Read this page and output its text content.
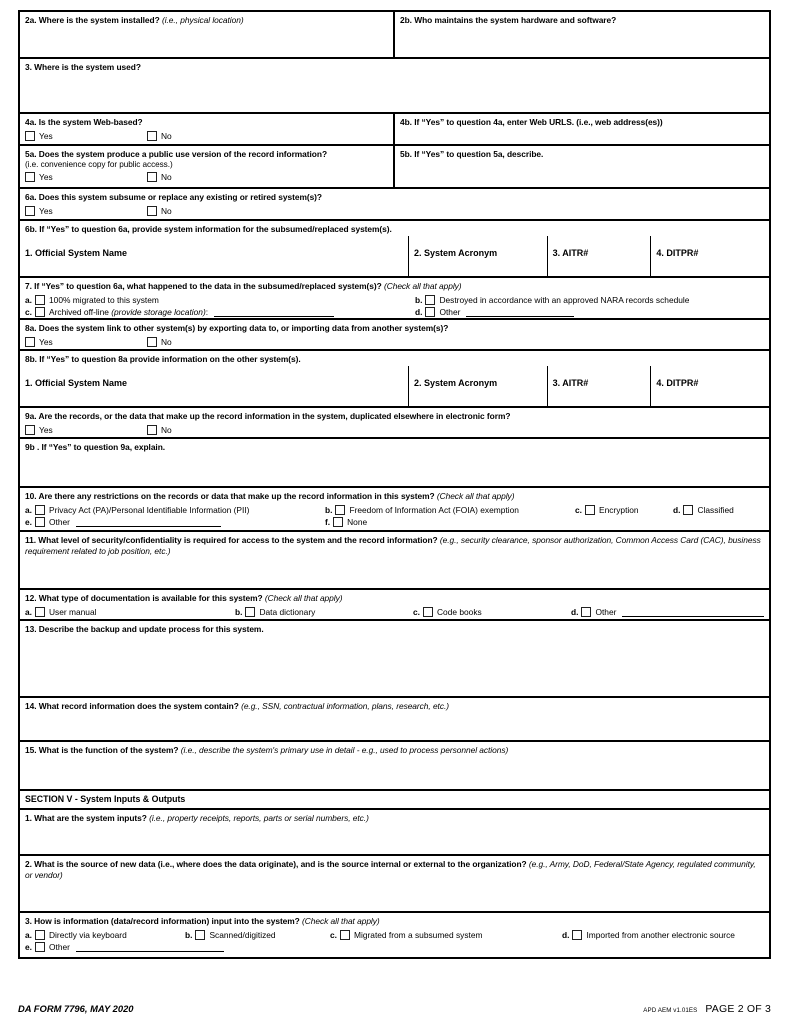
2a. Where is the system installed? (i.e., physical location)	2b. Who maintains the system hardware and software?
3. Where is the system used?
4a. Is the system Web-based?
Yes	No
4b. If “Yes” to question 4a, enter Web URLS. (i.e., web address(es))
5a. Does the system produce a public use version of the record information?
(i.e. convenience copy for public access.)
Yes	No
5b. If “Yes” to question 5a, describe.
6a. Does this system subsume or replace any existing or retired system(s)?
Yes	No
6b. If “Yes” to question 6a, provide system information for the subsumed/replaced system(s).
1. Official System Name	2. System Acronym	3. AITR#	4. DITPR#
7. If “Yes” to question 6a, what happened to the data in the subsumed/replaced system(s)? (Check all that apply)
a. 100% migrated to this system	b. Destroyed in accordance with an approved NARA records schedule
c. Archived off-line (provide storage location):	d. Other
8a. Does the system link to other system(s) by exporting data to, or importing data from another system(s)?
Yes	No
8b. If “Yes” to question 8a provide information on the other system(s).
1. Official System Name	2. System Acronym	3. AITR#	4. DITPR#
9a. Are the records, or the data that make up the record information in the system, duplicated elsewhere in electronic form?
Yes	No
9b . If “Yes” to question 9a, explain.
10. Are there any restrictions on the records or data that make up the record information in this system? (Check all that apply)
a. Privacy Act (PA)/Personal Identifiable Information (PII)	b. Freedom of Information Act (FOIA) exemption	c. Encryption	d. Classified
e. Other	f. None
11. What level of security/confidentiality is required for access to the system and the record information? (e.g., security clearance, sponsor authorization, Common Access Card (CAC), business requirement related to job position, etc.)
12. What type of documentation is available for this system? (Check all that apply)
a. User manual	b. Data dictionary	c. Code books	d. Other
13. Describe the backup and update process for this system.
14. What record information does the system contain? (e.g., SSN, contractual information, plans, research, etc.)
15. What is the function of the system? (i.e., describe the system's primary use in detail - e.g., used to process personnel actions)
SECTION V - System Inputs & Outputs
1. What are the system inputs? (i.e., property receipts, reports, parts or serial numbers, etc.)
2. What is the source of new data (i.e., where does the data originate), and is the source internal or external to the organization? (e.g., Army, DoD, Federal/State Agency, regulated community, or vendor)
3. How is information (data/record information) input into the system? (Check all that apply)
a. Directly via keyboard	b. Scanned/digitized	c. Migrated from a subsumed system	d. Imported from another electronic source
e. Other
DA FORM 7796, MAY 2020	APD AEM v1.01ES PAGE 2 OF 3
